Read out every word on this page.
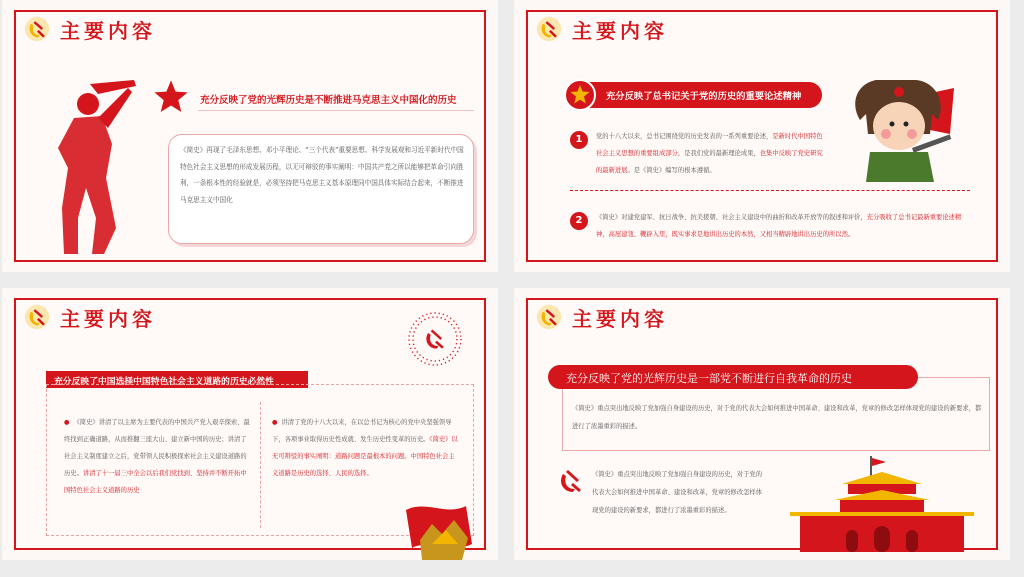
主要内容
充分反映了党的光辉历史是不断推进马克思主义中国化的历史
《简史》再现了毛泽东思想、邓小平理论、“三个代表”重要思想、科学发展观和习近平新时代中国特色社会主义思想的形成发展历程，以无可辩驳的事实阐明：中国共产党之所以能够把革命引向胜利，一条根本性的经验就是，必须坚持把马克思主义基本原理同中国具体实际结合起来，不断推进马克思主义中国化
主要内容
充分反映了总书记关于党的历史的重要论述精神
1	党的十八大以来，总书记围绕党的历史发表的一系列重要论述，是新时代中国特色社会主义思想的重要组成部分，是我们党的最新理论成果，也集中反映了党史研究的最新进展。是《简史》编写的根本遵循。
2	《简史》对建党建军、抗日战争、抗美援朝、社会主义建设中的曲折和改革开放等的叙述和评价，充分吸收了总书记最新重要论述精神，高屋建瓴、鞭辟入里，既实事求是地讲出历史的本然，又相当精辟地讲出历史的所以然。
主要内容
充分反映了中国选择中国特色社会主义道路的历史必然性
●  《简史》讲清了以主席为主要代表的中国共产党人艰辛探索、最终找到正确道路，从而推翻三座大山、建立新中国的历史；讲清了社会主义制度建立之后，党带领人民积极探索社会主义建设道路的历史。讲清了十一届三中全会以后我们党找到、坚持并不断开拓中国特色社会主义道路的历史
●  讲清了党的十八大以来，在以总书记为核心的党中央坚强领导下，各项事业取得历史性成就、发生历史性变革的历史。《简史》以无可辩驳的事实阐明：道路问题是最根本的问题。中国特色社会主义道路是历史的选择、人民的选择。
主要内容
充分反映了党的光辉历史是一部党不断进行自我革命的历史
《简史》重点突出地反映了党加强自身建设的历史，对于党的代表大会如何推进中国革命、建设和改革，党章的修改怎样体现党的建设的新要求，都进行了浓墨重彩的描述。
《简史》重点突出地反映了党加强自身建设的历史，对于党的代表大会如何推进中国革命、建设和改革，党章的修改怎样体现党的建设的新要求，都进行了浓墨重彩的描述。
